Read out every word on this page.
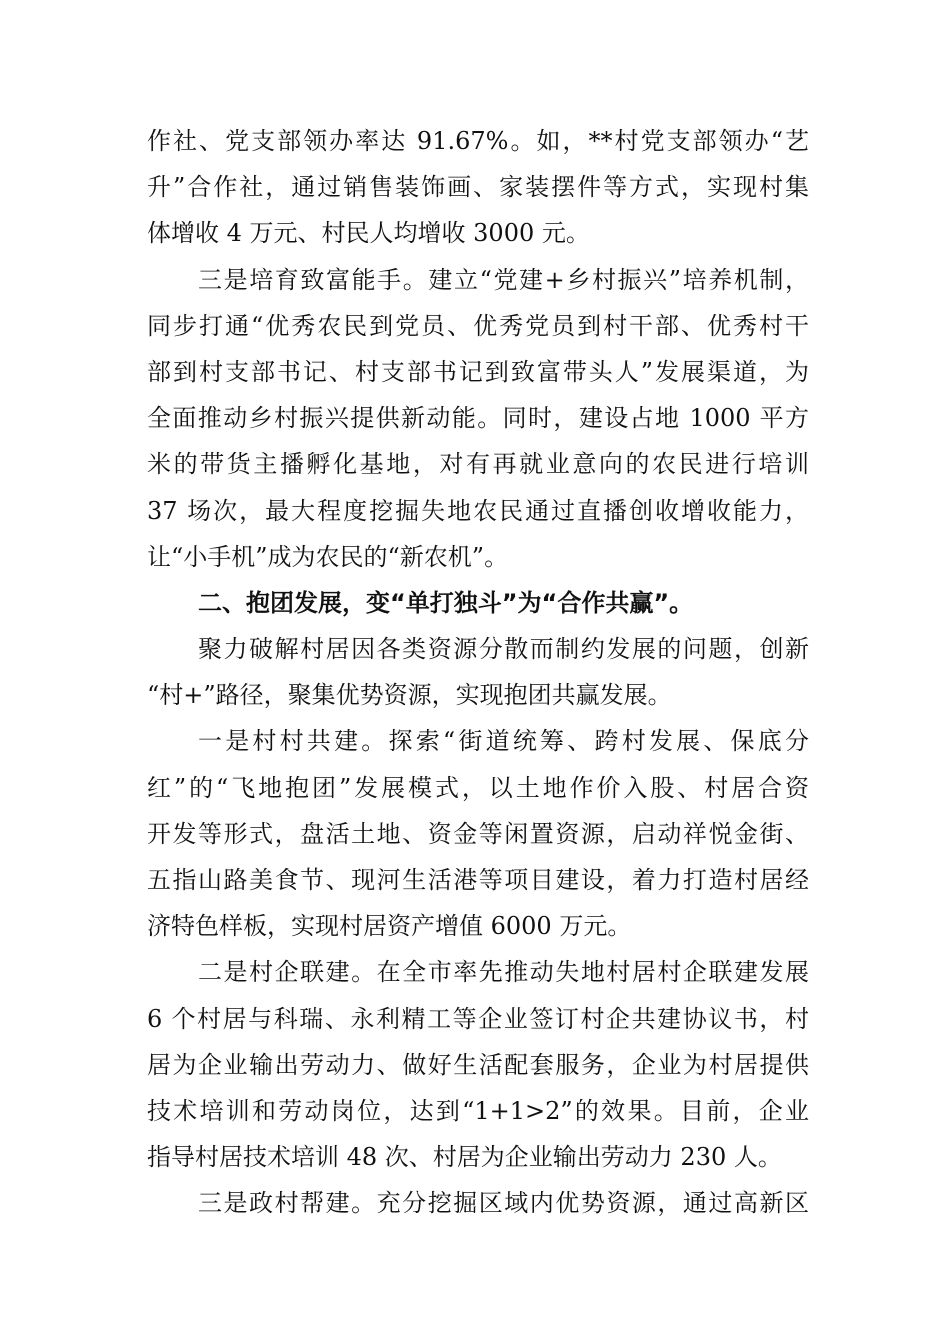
作社、党支部领办率达 91.67%。如，**村党支部领办“艺
升”合作社，通过销售装饰画、家装摆件等方式，实现村集
体增收 4 万元、村民人均增收 3000 元。
三是培育致富能手。建立“党建+乡村振兴”培养机制，
同步打通“优秀农民到党员、优秀党员到村干部、优秀村干
部到村支部书记、村支部书记到致富带头人”发展渠道，为
全面推动乡村振兴提供新动能。同时，建设占地 1000 平方
米的带货主播孵化基地，对有再就业意向的农民进行培训
37 场次，最大程度挖掘失地农民通过直播创收增收能力，
让“小手机”成为农民的“新农机”。
二、抱团发展，变“单打独斗”为“合作共赢”。
聚力破解村居因各类资源分散而制约发展的问题，创新
“村+”路径，聚集优势资源，实现抱团共赢发展。
一是村村共建。探索“街道统筹、跨村发展、保底分
红”的“飞地抱团”发展模式，以土地作价入股、村居合资
开发等形式，盘活土地、资金等闲置资源，启动祥悦金街、
五指山路美食节、现河生活港等项目建设，着力打造村居经
济特色样板，实现村居资产增值 6000 万元。
二是村企联建。在全市率先推动失地村居村企联建发展
6 个村居与科瑞、永利精工等企业签订村企共建协议书，村
居为企业输出劳动力、做好生活配套服务，企业为村居提供
技术培训和劳动岗位，达到“1+1>2”的效果。目前，企业
指导村居技术培训 48 次、村居为企业输出劳动力 230 人。
三是政村帮建。充分挖掘区域内优势资源，通过高新区
